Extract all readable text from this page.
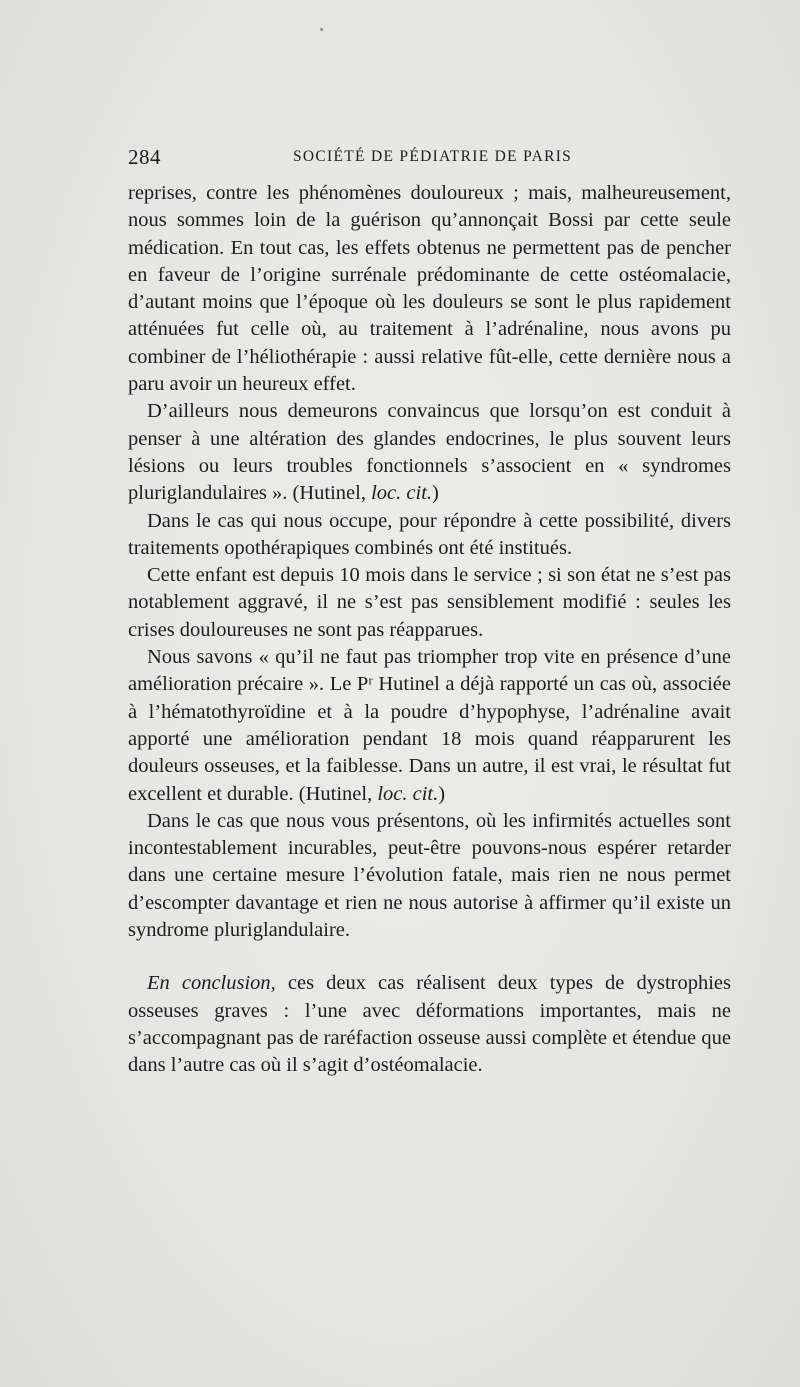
284	SOCIÉTÉ DE PÉDIATRIE DE PARIS

reprises, contre les phénomènes douloureux ; mais, malheureusement, nous sommes loin de la guérison qu’annonçait Bossi par cette seule médication. En tout cas, les effets obtenus ne permettent pas de pencher en faveur de l’origine surrénale prédominante de cette ostéomalacie, d’autant moins que l’époque où les douleurs se sont le plus rapidement atténuées fut celle où, au traitement à l’adrénaline, nous avons pu combiner de l’héliothérapie : aussi relative fût-elle, cette dernière nous a paru avoir un heureux effet.

D’ailleurs nous demeurons convaincus que lorsqu’on est conduit à penser à une altération des glandes endocrines, le plus souvent leurs lésions ou leurs troubles fonctionnels s’associent en « syndromes pluriglandulaires ». (Hutinel, loc. cit.)

Dans le cas qui nous occupe, pour répondre à cette possibilité, divers traitements opothérapiques combinés ont été institués.

Cette enfant est depuis 10 mois dans le service ; si son état ne s’est pas notablement aggravé, il ne s’est pas sensiblement modifié : seules les crises douloureuses ne sont pas réapparues.

Nous savons « qu’il ne faut pas triompher trop vite en présence d’une amélioration précaire ». Le Pʳ Hutinel a déjà rapporté un cas où, associée à l’hématothyroïdine et à la poudre d’hypophyse, l’adrénaline avait apporté une amélioration pendant 18 mois quand réapparurent les douleurs osseuses, et la faiblesse. Dans un autre, il est vrai, le résultat fut excellent et durable. (Hutinel, loc. cit.)

Dans le cas que nous vous présentons, où les infirmités actuelles sont incontestablement incurables, peut-être pouvons-nous espérer retarder dans une certaine mesure l’évolution fatale, mais rien ne nous permet d’escompter davantage et rien ne nous autorise à affirmer qu’il existe un syndrome pluriglandulaire.

En conclusion, ces deux cas réalisent deux types de dystrophies osseuses graves : l’une avec déformations importantes, mais ne s’accompagnant pas de raréfaction osseuse aussi complète et étendue que dans l’autre cas où il s’agit d’ostéomalacie.
